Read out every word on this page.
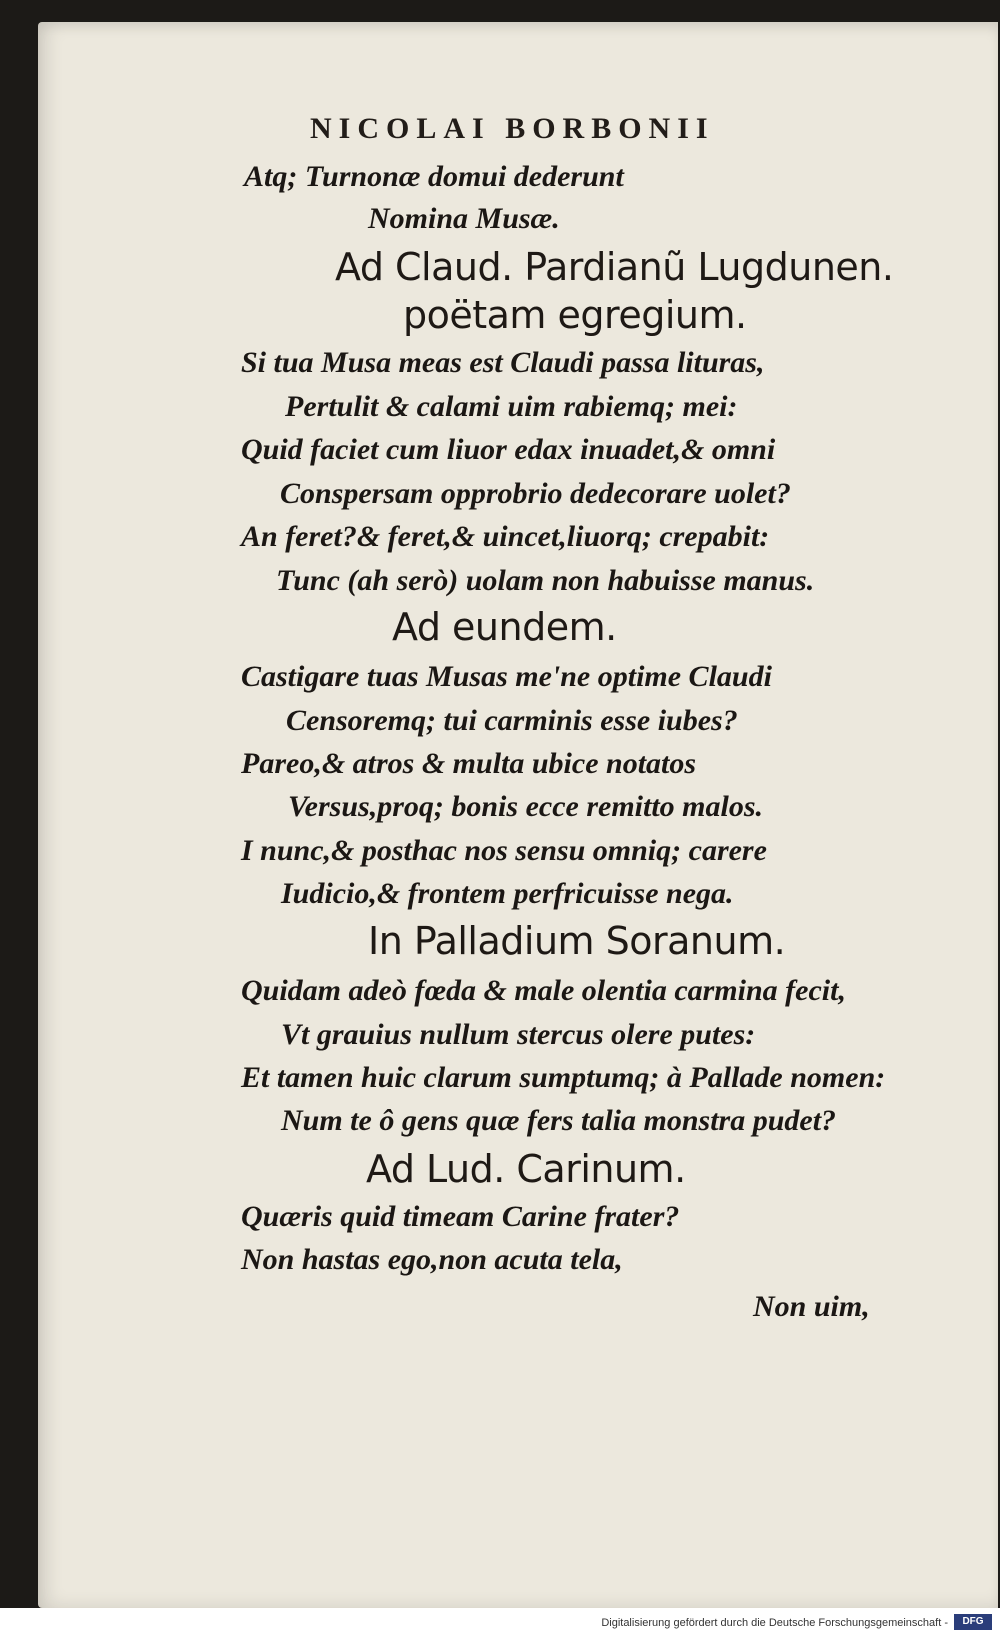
NICOLAI BORBONII
Atq; Turnonæ domui dederunt
Nomina Musæ.
Ad Claud. Pardianũ Lugdunen.
poëtam egregium.
Si tua Musa meas est Claudi passa lituras,
Pertulit & calami uim rabiemq; mei:
Quid faciet cum liuor edax inuadet,& omni
Conspersam opprobrio dedecorare uolet?
An feret?& feret,& uincet,liuorq; crepabit:
Tunc (ah serò) uolam non habuisse manus.
Ad eundem.
Castigare tuas Musas me'ne optime Claudi
Censoremq; tui carminis esse iubes?
Pareo,& atros & multa ubice notatos
Versus,proq; bonis ecce remitto malos.
I nunc,& posthac nos sensu omniq; carere
Iudicio,& frontem perfricuisse nega.
In Palladium Soranum.
Quidam adeò fœda & male olentia carmina fecit,
Vt grauius nullum stercus olere putes:
Et tamen huic clarum sumptumq; à Pallade nomen:
Num te ô gens quæ fers talia monstra pudet?
Ad Lud. Carinum.
Quæris quid timeam Carine frater?
Non hastas ego,non acuta tela,
Non uim,
Digitalisierung gefördert durch die Deutsche Forschungsgemeinschaft -	DFG
